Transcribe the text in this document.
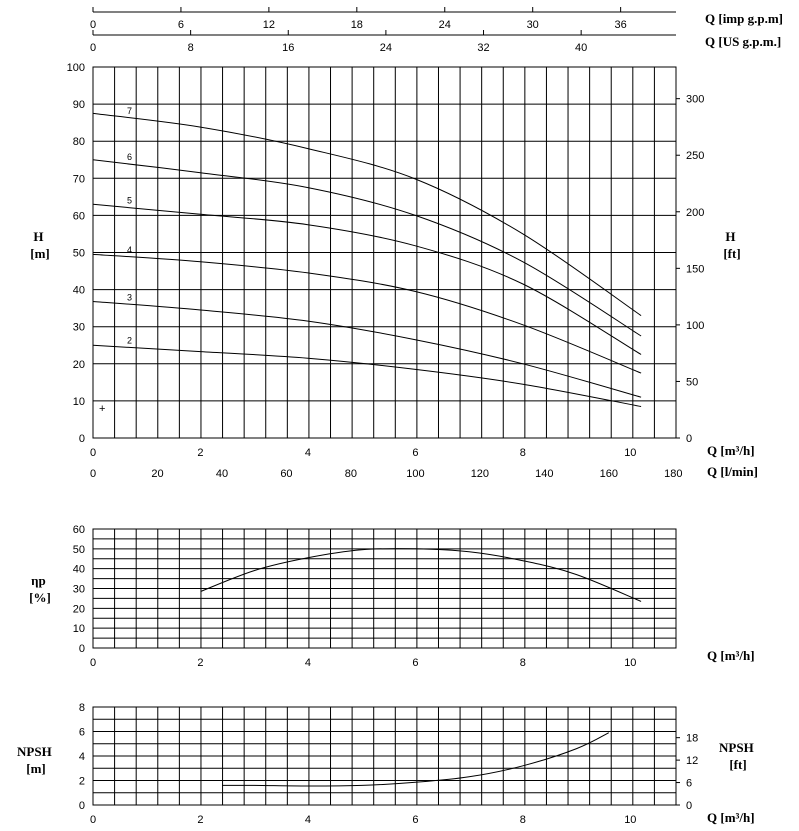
0	6	12	18	24	30	36
0	8	16	24	32	40
Q [imp g.p.m]
Q [US g.p.m.]
2
3
4
5
6
7
0
10
20
30
40
50
60
70
80
90
100
0
50
100
150
200
250
300
0	2	4	6	8	10
0	20	40	60	80	100	120	140	160	180
H [m]
H [ft]
Q [m³/h]
Q [l/min]
+
0
10
20
30
40
50
60
0	2	4	6	8	10
ηp [%]
Q [m³/h]
0
2
4
6
8
0
6
12
18
0	2	4	6	8	10
NPSH [m]
NPSH [ft]
Q [m³/h]
